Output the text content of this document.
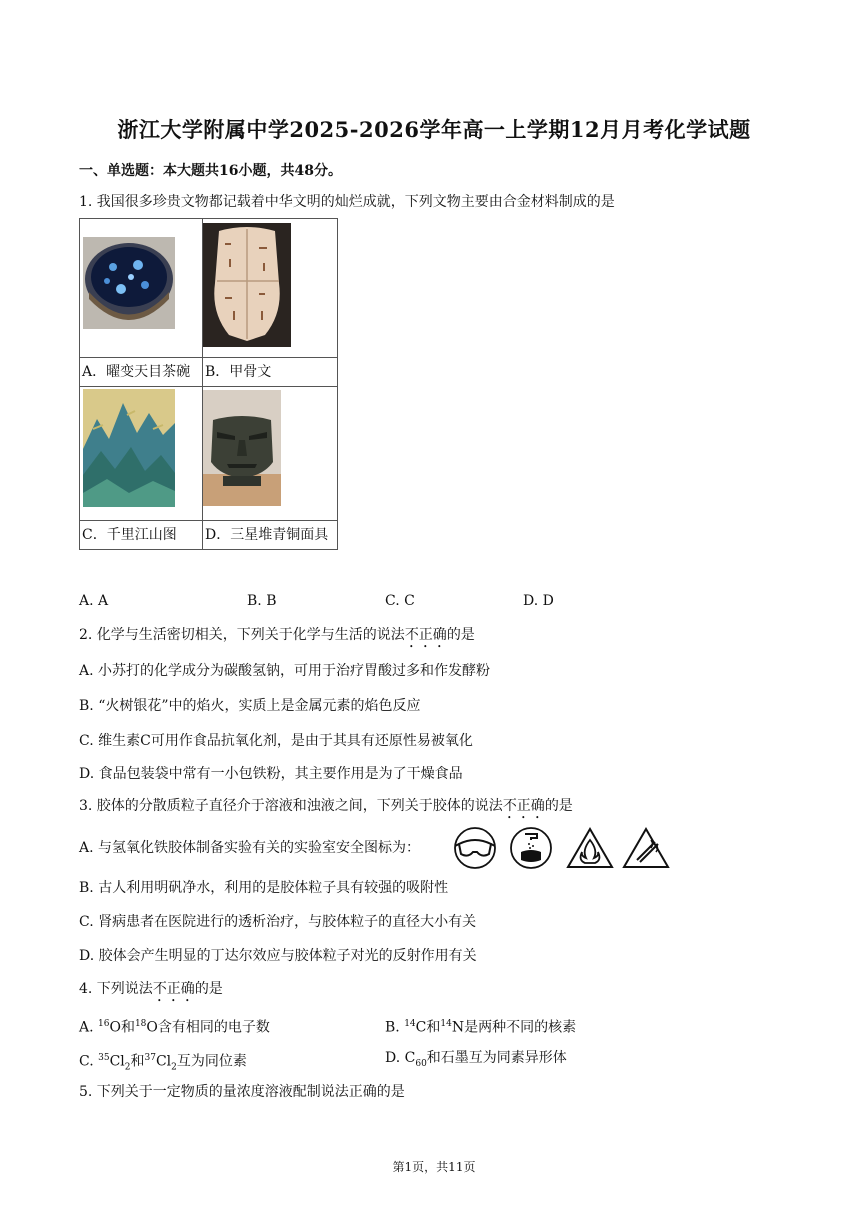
浙江大学附属中学2025-2026学年高一上学期12月月考化学试题
一、单选题：本大题共16小题，共48分。
1. 我国很多珍贵文物都记载着中华文明的灿烂成就，下列文物主要由合金材料制成的是

A．曜变天目茶碗	B．甲骨文

C．千里江山图	D．三星堆青铜面具
A. A	B. B	C. C	D. D
2. 化学与生活密切相关，下列关于化学与生活的说法不正确的是
A. 小苏打的化学成分为碳酸氢钠，可用于治疗胃酸过多和作发酵粉
B. “火树银花”中的焰火，实质上是金属元素的焰色反应
C. 维生素C可用作食品抗氧化剂，是由于其具有还原性易被氧化
D. 食品包装袋中常有一小包铁粉，其主要作用是为了干燥食品
3. 胶体的分散质粒子直径介于溶液和浊液之间，下列关于胶体的说法不正确的是
A. 与氢氧化铁胶体制备实验有关的实验室安全图标为：
B. 古人利用明矾净水，利用的是胶体粒子具有较强的吸附性
C. 肾病患者在医院进行的透析治疗，与胶体粒子的直径大小有关
D. 胶体会产生明显的丁达尔效应与胶体粒子对光的反射作用有关
4. 下列说法不正确的是
A. $^{16}$O和$^{18}$O含有相同的电子数	B. $^{14}$C和$^{14}$N是两种不同的核素
C. $^{35}Cl_2$和$^{37}Cl_2$互为同位素	D. $C_{60}$和石墨互为同素异形体
5. 下列关于一定物质的量浓度溶液配制说法正确的是
第1页，共11页
